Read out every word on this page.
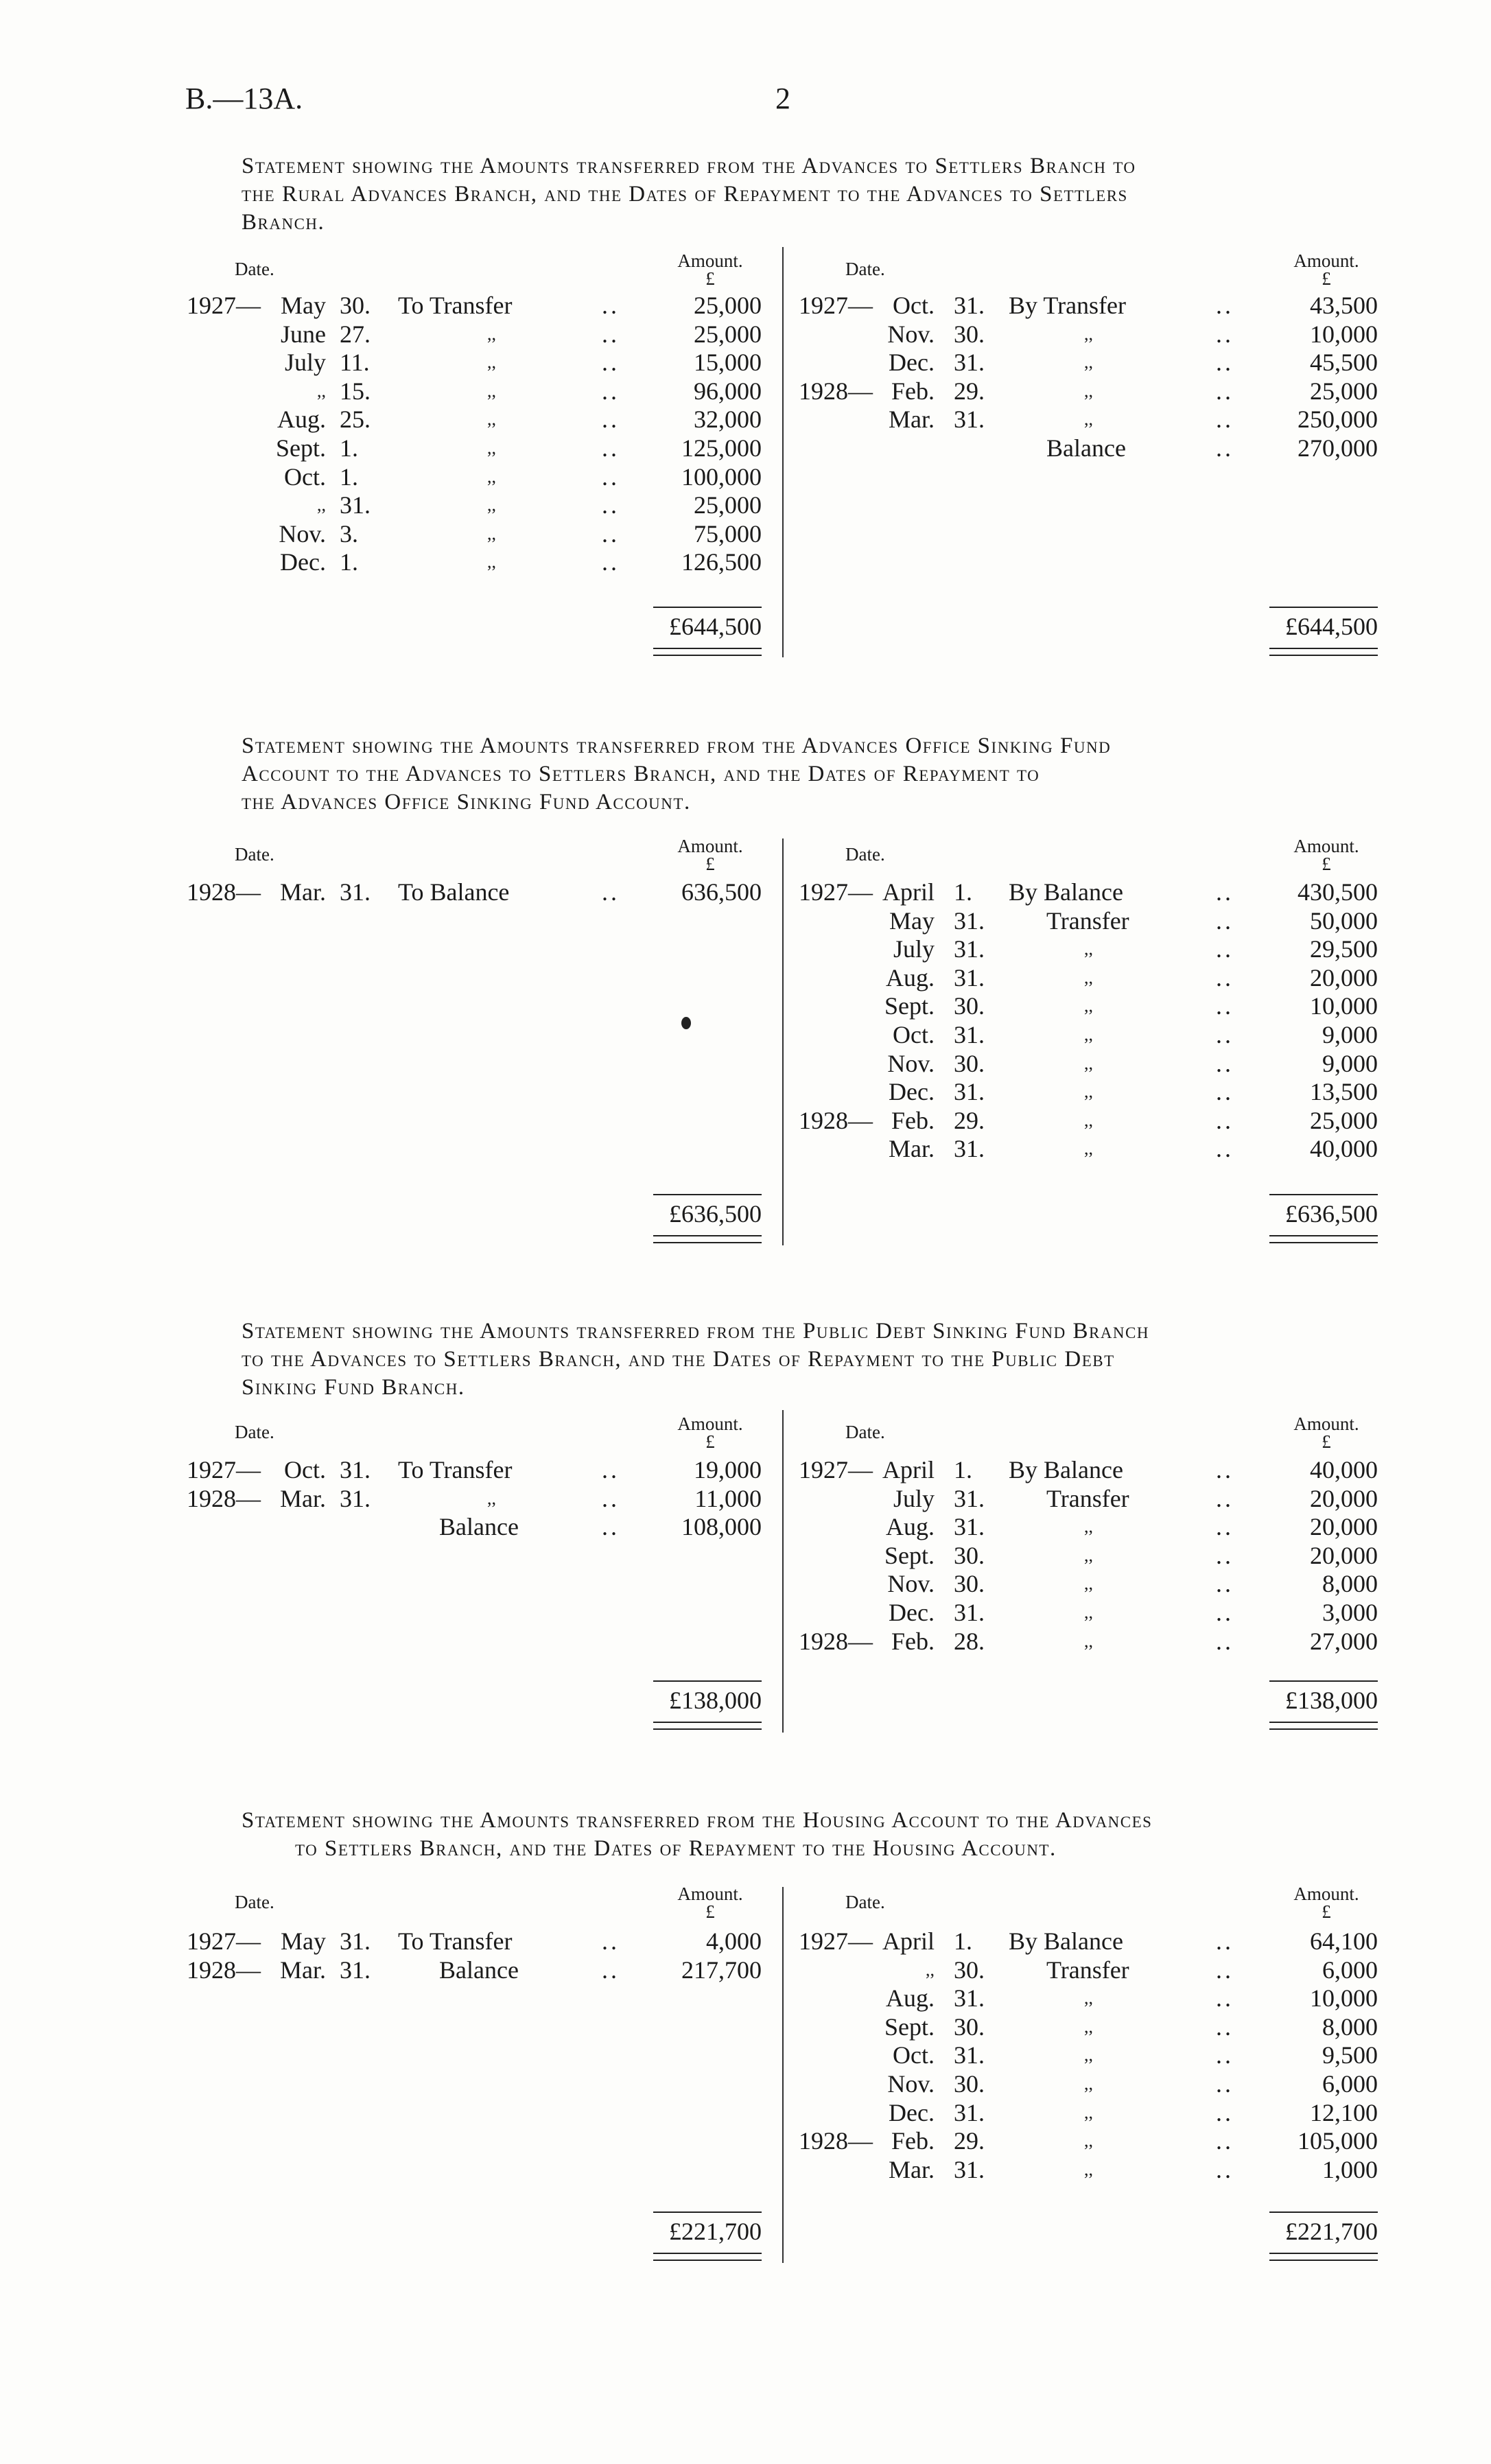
B.—13A.	2
Statement showing the Amounts transferred from the Advances to Settlers Branch to
the Rural Advances Branch, and the Dates of Repayment to the Advances to Settlers
Branch.
Date.	Amount.
£
1927— May 30.	To Transfer	..	25,000
June 27.	,,	..	25,000
July 11.	,,	..	15,000
,, 15.	,,	..	96,000
Aug. 25.	,,	..	32,000
Sept. 1.	,,	..	125,000
Oct. 1.	,,	..	100,000
,, 31.	,,	..	25,000
Nov. 3.	,,	..	75,000
Dec. 1.	,,	..	126,500
£644,500
Date.	Amount.
£
1927— Oct. 31. By Transfer	..	43,500
Nov. 30.	,,	..	10,000
Dec. 31.	,,	..	45,500
1928— Feb. 29.	,,	..	25,000
Mar. 31.	,,	..	250,000
Balance	..	270,000
£644,500
Statement showing the Amounts transferred from the Advances Office Sinking Fund
Account to the Advances to Settlers Branch, and the Dates of Repayment to
the Advances Office Sinking Fund Account.
Date.	Amount.
£
1928— Mar. 31.	To Balance	..	636,500
£636,500
Date.	Amount.
£
1927— April 1.	By Balance	..	430,500
May 31.	Transfer	..	50,000
July 31.	,,	..	29,500
Aug. 31.	,,	..	20,000
Sept. 30.	,,	..	10,000
Oct. 31.	,,	..	9,000
Nov. 30.	,,	..	9,000
Dec. 31.	,,	..	13,500
1928— Feb. 29.	,,	..	25,000
Mar. 31.	,,	..	40,000
£636,500
Statement showing the Amounts transferred from the Public Debt Sinking Fund Branch
to the Advances to Settlers Branch, and the Dates of Repayment to the Public Debt
Sinking Fund Branch.
Date.	Amount.
£
1927— Oct. 31.	To Transfer	..	19,000
1928— Mar. 31.	,,	..	11,000
Balance	..	108,000
£138,000
Date.	Amount.
£
1927— April 1.	By Balance	..	40,000
July 31.	Transfer	..	20,000
Aug. 31.	,,	..	20,000
Sept. 30.	,,	..	20,000
Nov. 30.	,,	..	8,000
Dec. 31.	,,	..	3,000
1928— Feb. 28.	,,	..	27,000
£138,000
Statement showing the Amounts transferred from the Housing Account to the Advances
to Settlers Branch, and the Dates of Repayment to the Housing Account.
Date.	Amount.
£
1927— May 31.	To Transfer	..	4,000
1928— Mar. 31.	Balance	..	217,700
£221,700
Date.	Amount.
£
1927— April 1.	By Balance	..	64,100
,, 30.	Transfer	..	6,000
Aug. 31.	,,	..	10,000
Sept. 30.	,,	..	8,000
Oct. 31.	,,	..	9,500
Nov. 30.	,,	..	6,000
Dec. 31.	,,	..	12,100
1928— Feb. 29.	,,	..	105,000
Mar. 31.	,,	..	1,000
£221,700
